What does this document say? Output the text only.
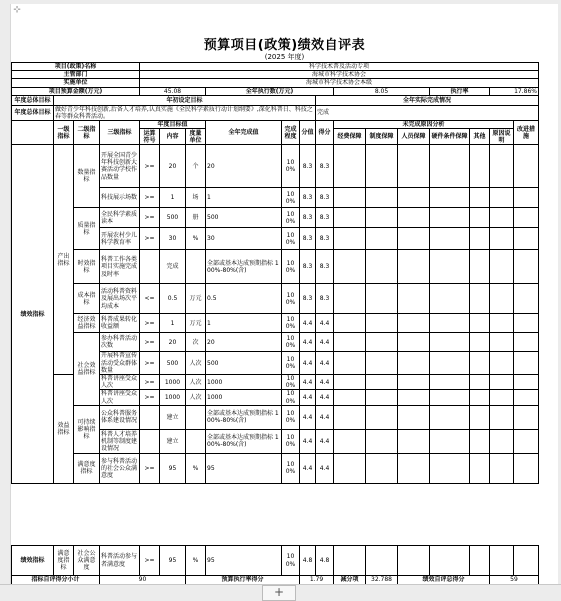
⊹
预算项目(政策)绩效自评表
(2025 年度)
项目(政策)名称				科学技术普及活动专项													
主管部门				海城市科学技术协会													
实施单位				海城市科学技术协会本级													
项目预算金额(万元)				45.08			全年执行数(万元)				8.05			执行率		17.86%	
年度总体目标	年初设定目标									全年实际完成情况							
年度总体目标	做好青少年科技创新,后备人才培养,认真实施《全民科学素质行动计划纲要》,深化科普日、科技之春等群众科普活动。									完成							
	一级指标	二级指标	三级指标	年度目标值			全年完成值	完成程度	分值	得分	未完成原因分析						改进措施
				运算符号	内容	度量单位					经费保障	制度保障	人员保障	硬件条件保障	其他	原因说明	
绩效指标	产出指标	数量指标	开展全国青少年科技创新大赛活动学校作品数量	>=	20	个	20	100%	8.3	8.3							
			科技展示场数	>=	1	场	1	100%	8.3	8.3							
		质量指标	全民科学素质读本	>=	500	册	500	100%	8.3	8.3							
			开展农村少儿科学教育率	>=	30	%	30	100%	8.3	8.3							
		时效指标	科普工作各类项目实施完成及时率		完成		全部或基本达成预期指标 100%-80%(含)	100%	8.3	8.3							
		成本指标	活动科普资料及展出场次平均成本	<=	0.5	万元	0.5	100%	8.3	8.3							
		经济效益指标	科普成果转化收益额	>=	1	万元	1	100%	4.4	4.4							
		社会效益指标	参办科普活动次数	>=	20	次	20	100%	4.4	4.4							
			开展科普宣传活动受众群体数量	>=	500	人次	500	100%	4.4	4.4							
	效益指标		科普讲座受众人次	>=	1000	人次	1000	100%	4.4	4.4							
			科普讲座受众人次	>=	1000	人次	1000	100%	4.4	4.4							
		可持续影响指标	公众科普服务体系建设情况		建立		全部或基本达成预期指标 100%-80%(含)	100%	4.4	4.4							
			科普人才培养机制等制度建设情况		建立		全部或基本达成预期指标 100%-80%(含)	100%	4.4	4.4							
		满意度指标	参与科普活动的社会公众满意度	>=	95	%	95	100%	4.4	4.4							
绩效指标	满意度指标	社会公众满意度	科普活动参与者满意度	>=	95	%	95	100%	4.8	4.8							
指标自评得分小计			90			预算执行率得分			1.79		减分项	32.788	绩效自评总得分			59	
+
